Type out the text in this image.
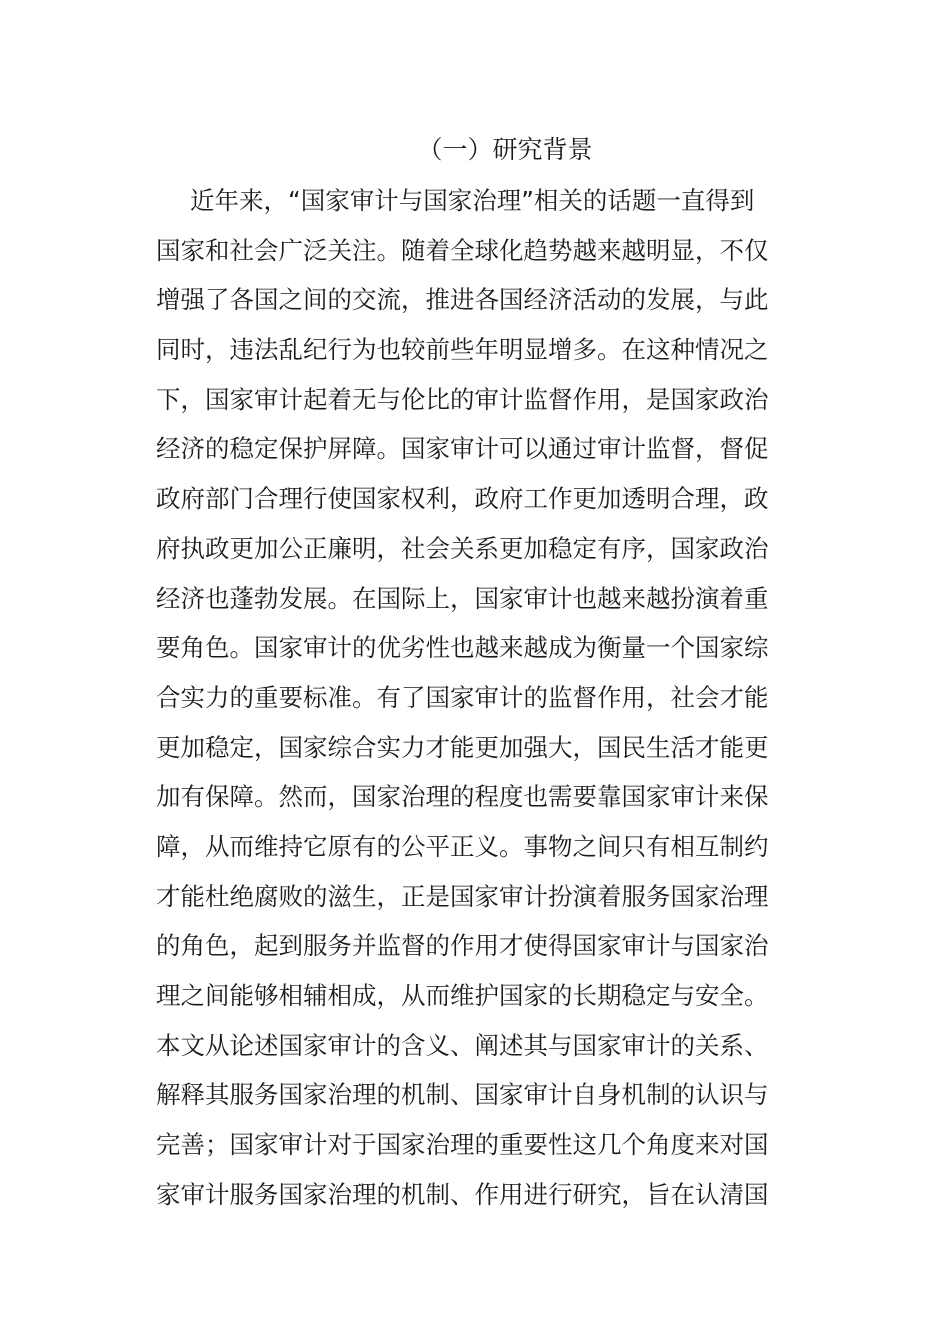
（一）研究背景
近年来，“国家审计与国家治理”相关的话题一直得到
国家和社会广泛关注。随着全球化趋势越来越明显，不仅
增强了各国之间的交流，推进各国经济活动的发展，与此
同时，违法乱纪行为也较前些年明显增多。在这种情况之
下，国家审计起着无与伦比的审计监督作用，是国家政治
经济的稳定保护屏障。国家审计可以通过审计监督，督促
政府部门合理行使国家权利，政府工作更加透明合理，政
府执政更加公正廉明，社会关系更加稳定有序，国家政治
经济也蓬勃发展。在国际上，国家审计也越来越扮演着重
要角色。国家审计的优劣性也越来越成为衡量一个国家综
合实力的重要标准。有了国家审计的监督作用，社会才能
更加稳定，国家综合实力才能更加强大，国民生活才能更
加有保障。然而，国家治理的程度也需要靠国家审计来保
障，从而维持它原有的公平正义。事物之间只有相互制约
才能杜绝腐败的滋生，正是国家审计扮演着服务国家治理
的角色，起到服务并监督的作用才使得国家审计与国家治
理之间能够相辅相成，从而维护国家的长期稳定与安全。
本文从论述国家审计的含义、阐述其与国家审计的关系、
解释其服务国家治理的机制、国家审计自身机制的认识与
完善；国家审计对于国家治理的重要性这几个角度来对国
家审计服务国家治理的机制、作用进行研究，旨在认清国
